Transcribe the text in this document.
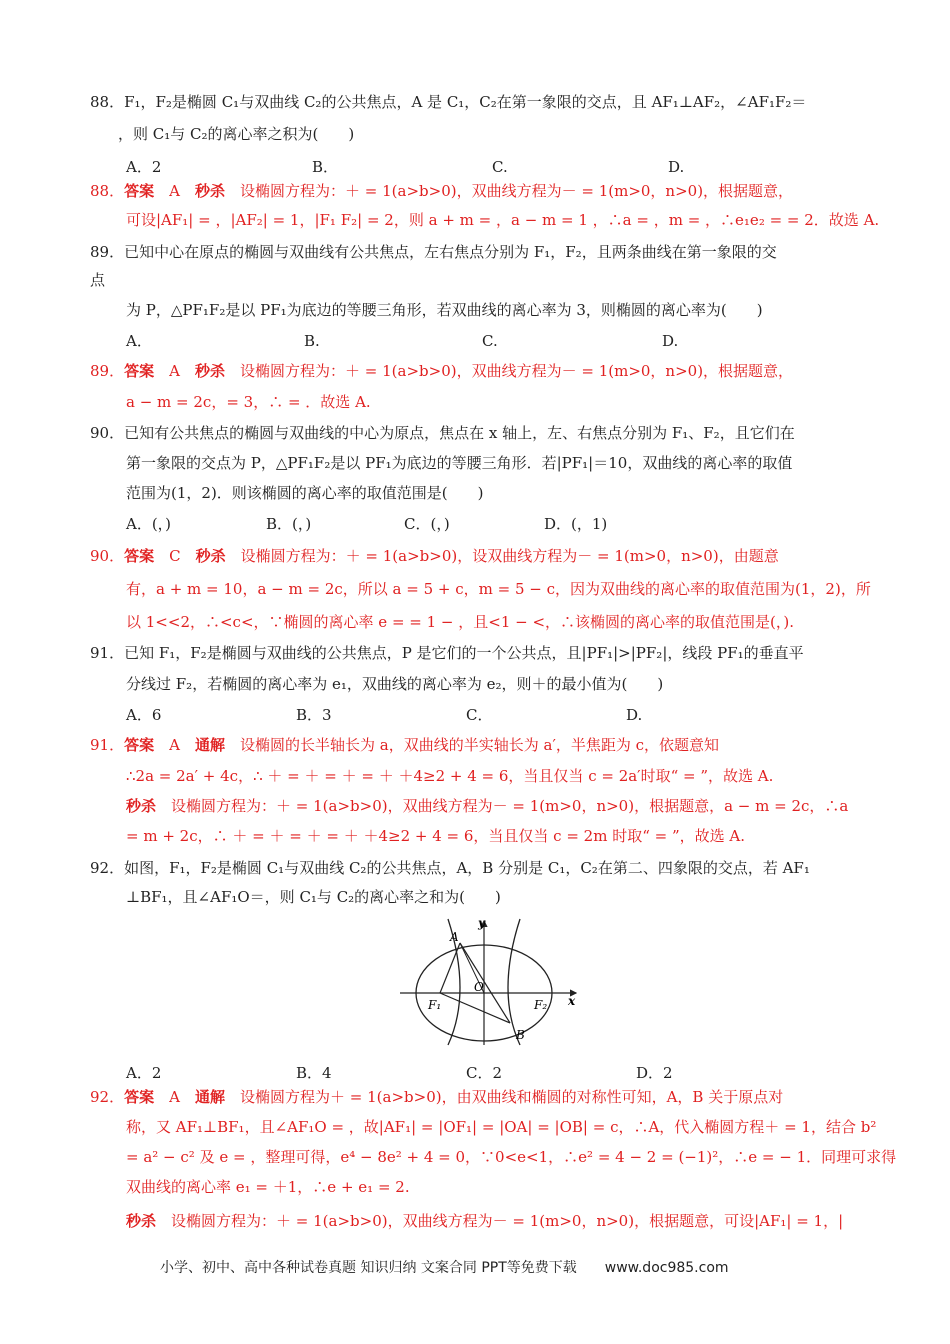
88．F₁，F₂是椭圆 C₁与双曲线 C₂的公共焦点，A 是 C₁，C₂在第一象限的交点，且 AF₁⊥AF₂，∠AF₁F₂＝
，则 C₁与 C₂的离心率之积为(　　)
A．2	B．	C.	D.
88．答案　 A　 秒杀　 设椭圆方程为：＋ = 1(a>b>0)，双曲线方程为－ = 1(m>0，n>0)，根据题意，
可设|AF₁| = ，|AF₂| = 1，|F₁ F₂| = 2，则 a + m = ，a − m = 1 ，∴a = ，m = ，∴e₁e₂ = = 2．故选 A.
89．已知中心在原点的椭圆与双曲线有公共焦点，左右焦点分别为 F₁，F₂，且两条曲线在第一象限的交
点
为 P，△PF₁F₂是以 PF₁为底边的等腰三角形，若双曲线的离心率为 3，则椭圆的离心率为(　　)
A．	B.	C.	D.
89．答案　 A　 秒杀　 设椭圆方程为：＋ = 1(a>b>0)，双曲线方程为－ = 1(m>0，n>0)，根据题意，
a − m = 2c，= 3，∴ = ．故选 A.
90．已知有公共焦点的椭圆与双曲线的中心为原点，焦点在 x 轴上，左、右焦点分别为 F₁、F₂，且它们在
第一象限的交点为 P，△PF₁F₂是以 PF₁为底边的等腰三角形．若|PF₁|＝10，双曲线的离心率的取值
范围为(1，2)．则该椭圆的离心率的取值范围是(　　)
A．(，)	B．(，)	C．(，)	D．(，1)
90．答案　 C　 秒杀　 设椭圆方程为：＋ = 1(a>b>0)，设双曲线方程为－ = 1(m>0，n>0)，由题意
有，a + m = 10，a − m = 2c，所以 a = 5 + c，m = 5 − c，因为双曲线的离心率的取值范围为(1，2)，所
以 1<<2，∴<c<，∵椭圆的离心率 e = = 1 − ，且<1 − <，∴该椭圆的离心率的取值范围是(，).
91．已知 F₁，F₂是椭圆与双曲线的公共焦点，P 是它们的一个公共点，且|PF₁|>|PF₂|，线段 PF₁的垂直平
分线过 F₂，若椭圆的离心率为 e₁，双曲线的离心率为 e₂，则＋的最小值为(　　)
A．6	B．3	C．	D.
91．答案　 A　 通解　 设椭圆的长半轴长为 a，双曲线的半实轴长为 a′，半焦距为 c，依题意知
∴2a = 2a′ + 4c，∴ ＋ = ＋ = ＋ = ＋ ＋4≥2 + 4 = 6，当且仅当 c = 2a′时取“ = ”，故选 A.
秒杀　 设椭圆方程为：＋ = 1(a>b>0)，双曲线方程为－ = 1(m>0，n>0)，根据题意，a − m = 2c，∴a
= m + 2c，∴ ＋ = ＋ = ＋ = ＋ ＋4≥2 + 4 = 6，当且仅当 c = 2m 时取“ = ”，故选 A.
92．如图，F₁，F₂是椭圆 C₁与双曲线 C₂的公共焦点，A，B 分别是 C₁，C₂在第二、四象限的交点，若 AF₁
⊥BF₁，且∠AF₁O＝，则 C₁与 C₂的离心率之和为(　　)
y
x
A
B
O
F₁	F₂
A．2	B．4	C．2	D．2
92．答案　 A　 通解　 设椭圆方程为＋ = 1(a>b>0)，由双曲线和椭圆的对称性可知，A，B 关于原点对
称，又 AF₁⊥BF₁，且∠AF₁O = ，故|AF₁| = |OF₁| = |OA| = |OB| = c，∴A，代入椭圆方程＋ = 1，结合 b²
= a² − c² 及 e = ，整理可得，e⁴ − 8e² + 4 = 0，∵0<e<1，∴e² = 4 − 2 = (−1)²，∴e = − 1．同理可求得
双曲线的离心率 e₁ = ＋1，∴e + e₁ = 2.
秒杀　 设椭圆方程为：＋ = 1(a>b>0)，双曲线方程为－ = 1(m>0，n>0)，根据题意，可设|AF₁| = 1，|
小学、初中、高中各种试卷真题 知识归纳 文案合同 PPT等免费下载　　www.doc985.com
